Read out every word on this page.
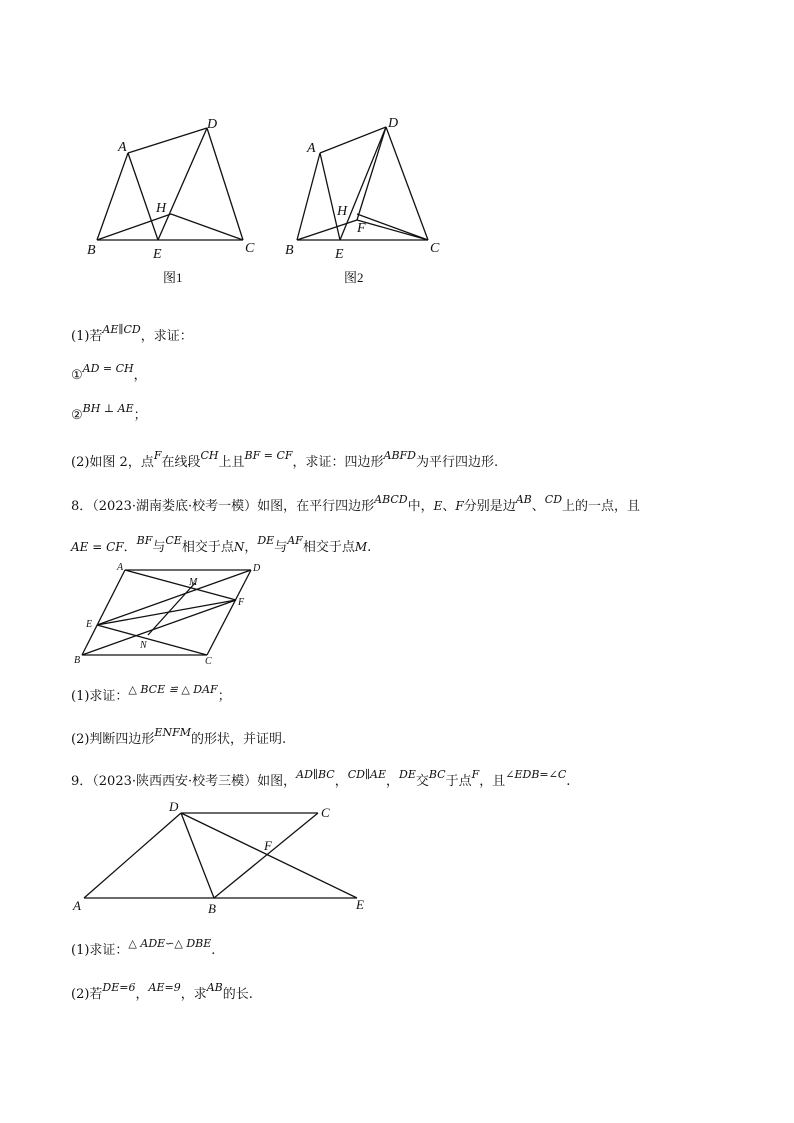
A
D
H
B	E	C
图1
A
D
H
F
B	E	C
图2
(1)若$^{AE\parallel CD}$，求证：
①$^{AD = CH}$，
②$^{BH \perp AE}$；
(2)如图 2，点$^F$在线段$^{CH}$上且$^{BF = CF}$，求证：四边形$^{ABFD}$为平行四边形.
8．（2023·湖南娄底·校考一模）如图，在平行四边形$^{ABCD}$中，E、F分别是边$^{AB}$、$^{CD}$上的一点，且
AE = CF．$^{BF}$与$^{CE}$相交于点N，$^{DE}$与$^{AF}$相交于点M.
A	D
M
F
E
N
B	C
(1)求证：$^{\triangle BCE ≌ \triangle DAF}$；
(2)判断四边形$^{ENFM}$的形状，并证明.
9．（2023·陕西西安·校考三模）如图，$^{AD\parallel BC}$，$^{CD\parallel AE}$，$^{DE}$交$^{BC}$于点$^F$，且$^{\angle EDB=\angle C}$.
D	C
F
A	B	E
(1)求证：$^{\triangle ADE∽\triangle DBE}$.
(2)若$^{DE=6}$，$^{AE=9}$，求$^{AB}$的长.
